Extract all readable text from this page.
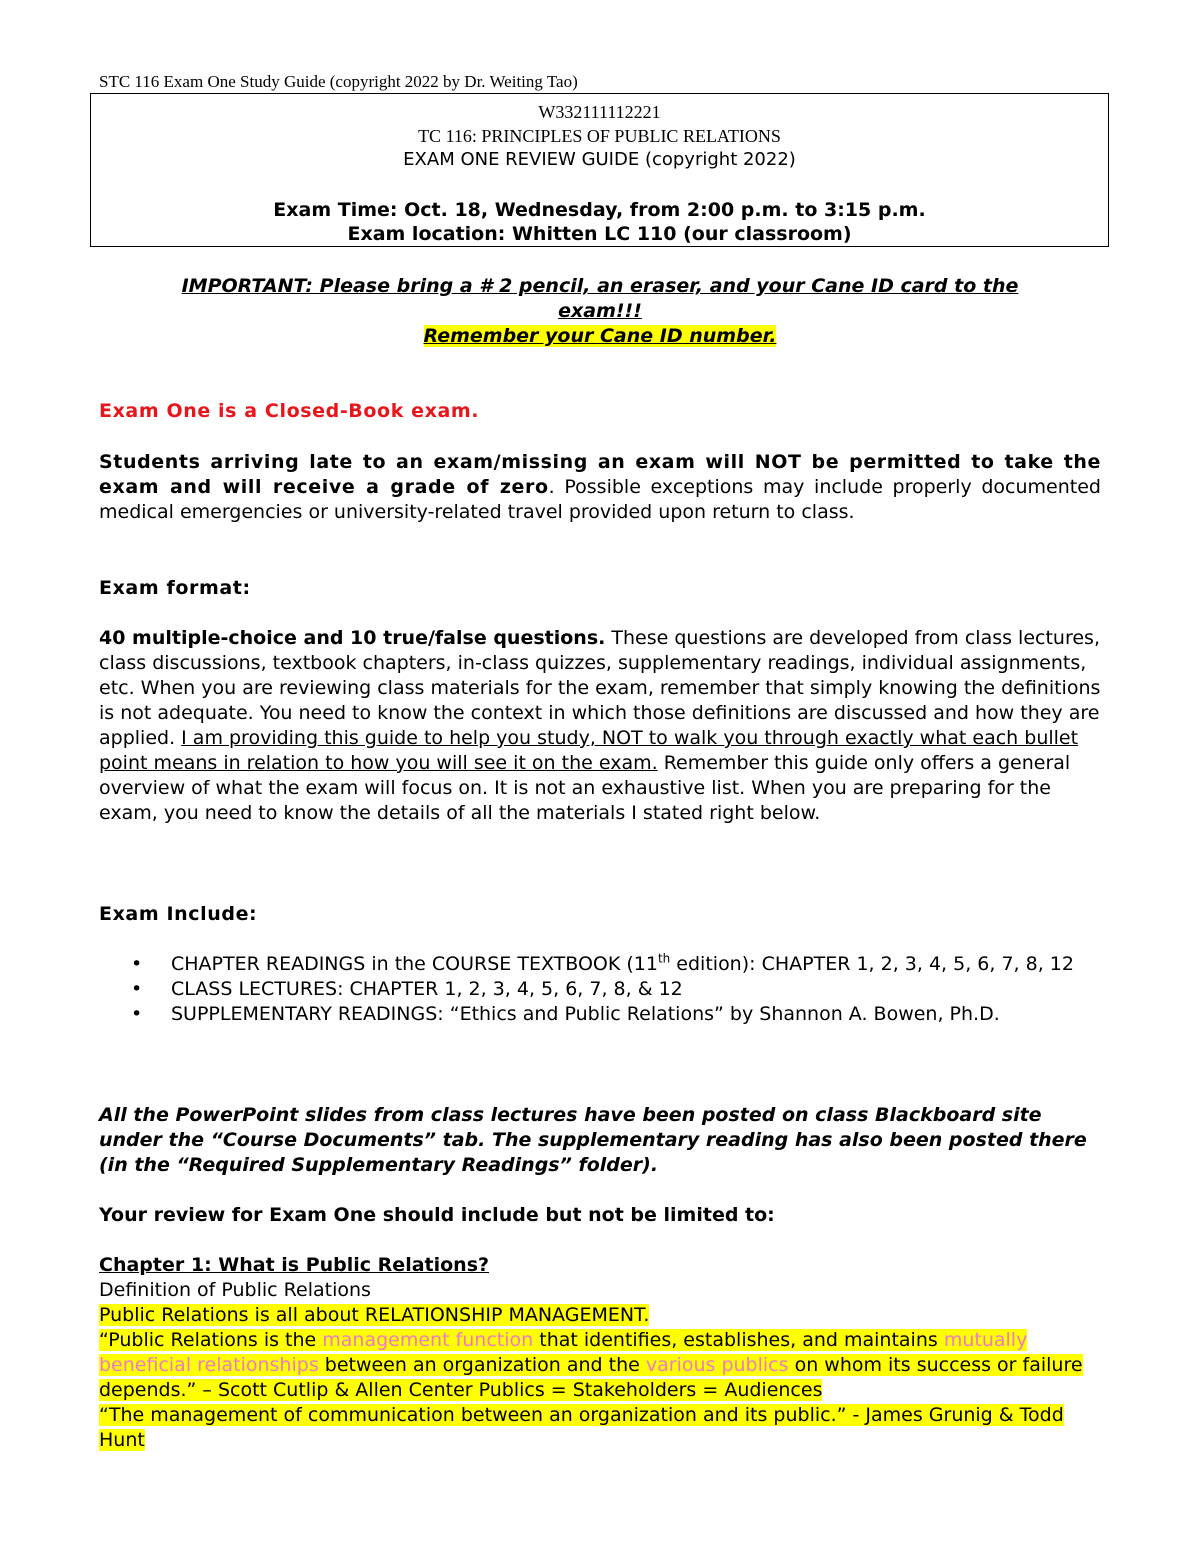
STC 116 Exam One Study Guide (copyright 2022 by Dr. Weiting Tao)
W332111112221
TC 116: PRINCIPLES OF PUBLIC RELATIONS
EXAM ONE REVIEW GUIDE (copyright 2022)
Exam Time: Oct. 18, Wednesday, from 2:00 p.m. to 3:15 p.m.
Exam location: Whitten LC 110 (our classroom)
IMPORTANT: Please bring a # 2 pencil, an eraser, and your Cane ID card to the
exam!!!
Remember your Cane ID number.
Exam One is a Closed-Book exam.
Students arriving late to an exam/missing an exam will NOT be permitted to take the exam and will receive a grade of zero. Possible exceptions may include properly documented medical emergencies or university-related travel provided upon return to class.
Exam format:
40 multiple-choice and 10 true/false questions. These questions are developed from class lectures, class discussions, textbook chapters, in-class quizzes, supplementary readings, individual assignments, etc. When you are reviewing class materials for the exam, remember that simply knowing the definitions is not adequate. You need to know the context in which those definitions are discussed and how they are applied. I am providing this guide to help you study, NOT to walk you through exactly what each bullet point means in relation to how you will see it on the exam. Remember this guide only offers a general overview of what the exam will focus on. It is not an exhaustive list. When you are preparing for the exam, you need to know the details of all the materials I stated right below.
Exam Include:
• CHAPTER READINGS in the COURSE TEXTBOOK (11th edition): CHAPTER 1, 2, 3, 4, 5, 6, 7, 8, 12
• CLASS LECTURES: CHAPTER 1, 2, 3, 4, 5, 6, 7, 8, & 12
• SUPPLEMENTARY READINGS: “Ethics and Public Relations” by Shannon A. Bowen, Ph.D.
All the PowerPoint slides from class lectures have been posted on class Blackboard site under the “Course Documents” tab. The supplementary reading has also been posted there (in the “Required Supplementary Readings” folder).
Your review for Exam One should include but not be limited to:
Chapter 1: What is Public Relations?
Definition of Public Relations
Public Relations is all about RELATIONSHIP MANAGEMENT.
“Public Relations is the management function that identifies, establishes, and maintains mutually beneficial relationships between an organization and the various publics on whom its success or failure depends.” – Scott Cutlip & Allen Center Publics = Stakeholders = Audiences
“The management of communication between an organization and its public.” - James Grunig & Todd Hunt
